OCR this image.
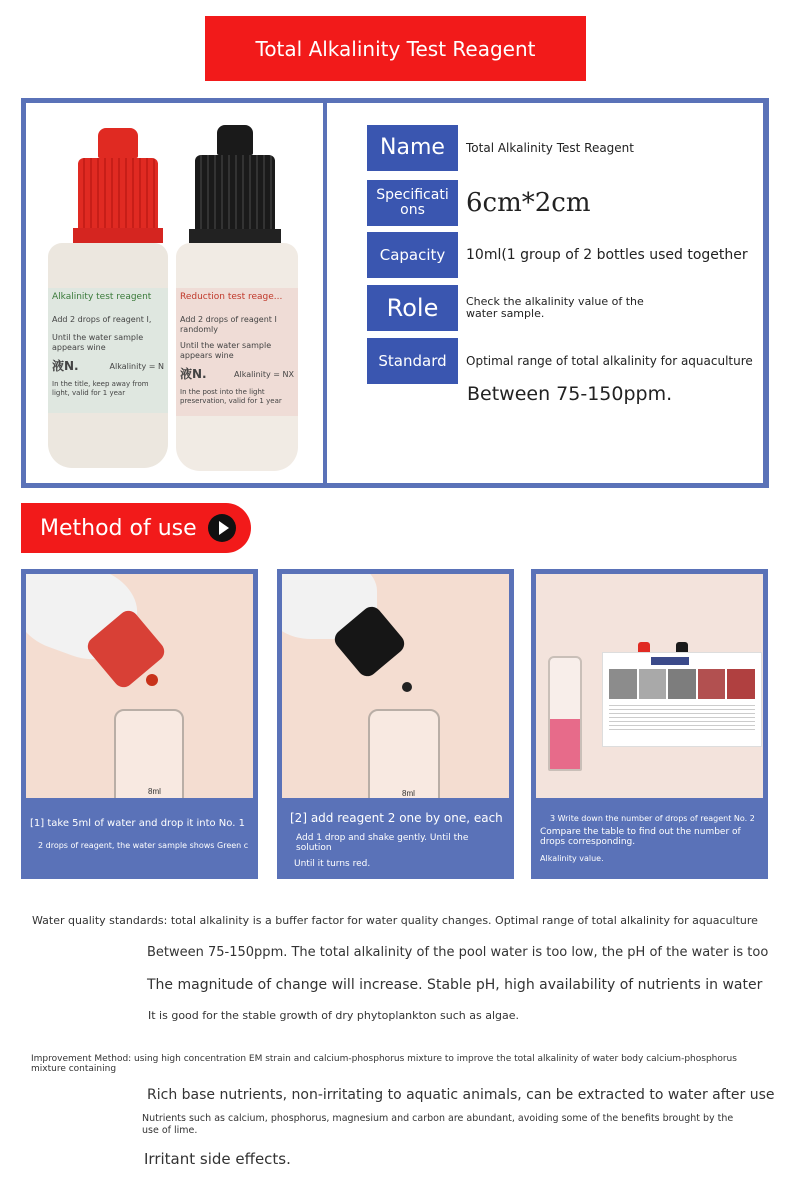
Total Alkalinity Test Reagent
Alkalinity test reagent
Add 2 drops of reagent I,
Until the water sample appears wine
液N.	Alkalinity = N
In the title, keep away from light, valid for 1 year
Reduction test reage...
Add 2 drops of reagent I randomly
Until the water sample appears wine
液N.	Alkalinity = NX
In the post into the light preservation, valid for 1 year
Name	Total Alkalinity Test Reagent
Specifications	6cm*2cm
Capacity	10ml(1 group of 2 bottles used together
Role	Check the alkalinity value of the water sample.
Standard	Optimal range of total alkalinity for aquaculture
Between 75-150ppm.
Method of use
8ml
[1] take 5ml of water and drop it into No. 1
2 drops of reagent, the water sample shows Green c
8ml
[2] add reagent 2 one by one, each
Add 1 drop and shake gently. Until the solution
Until it turns red.
3 Write down the number of drops of reagent No. 2
Compare the table to find out the number of drops corresponding.
Alkalinity value.
Water quality standards: total alkalinity is a buffer factor for water quality changes. Optimal range of total alkalinity for aquaculture
Between 75-150ppm. The total alkalinity of the pool water is too low, the pH of the water is too
The magnitude of change will increase. Stable pH, high availability of nutrients in water
It is good for the stable growth of dry phytoplankton such as algae.
Improvement Method: using high concentration EM strain and calcium-phosphorus mixture to improve the total alkalinity of water body calcium-phosphorus mixture containing
Rich base nutrients, non-irritating to aquatic animals, can be extracted to water after use
Nutrients such as calcium, phosphorus, magnesium and carbon are abundant, avoiding some of the benefits brought by the use of lime.
Irritant side effects.
